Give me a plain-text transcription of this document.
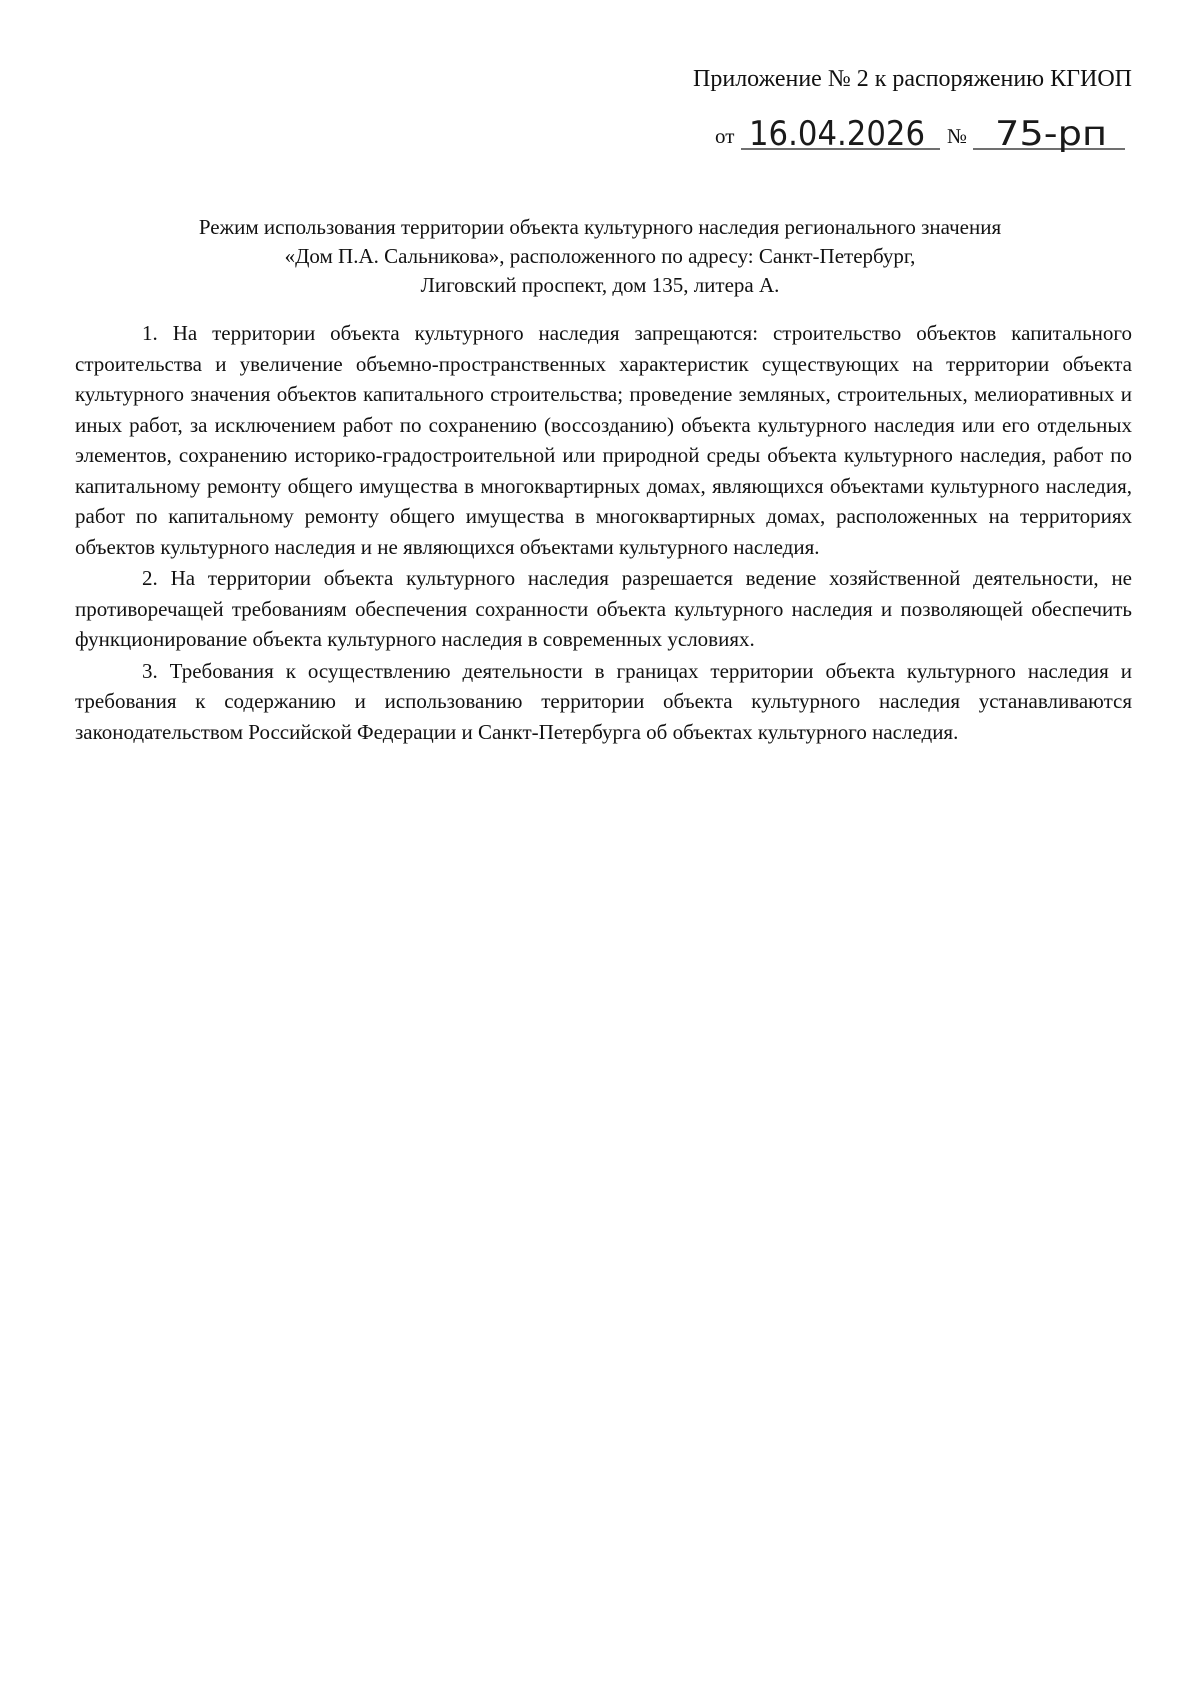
Приложение № 2 к распоряжению КГИОП
от	№
16.04.2026 75-рп
Режим использования территории объекта культурного наследия регионального значения
«Дом П.А. Сальникова», расположенного по адресу: Санкт-Петербург,
Лиговский проспект, дом 135, литера А.

1. На территории объекта культурного наследия запрещаются: строительство объектов капитального строительства и увеличение объемно-пространственных характеристик существующих на территории объекта культурного значения объектов капитального строительства; проведение земляных, строительных, мелиоративных и иных работ, за исключением работ по сохранению (воссозданию) объекта культурного наследия или его отдельных элементов, сохранению историко-градостроительной или природной среды объекта культурного наследия, работ по капитальному ремонту общего имущества в многоквартирных домах, являющихся объектами культурного наследия, работ по капитальному ремонту общего имущества в многоквартирных домах, расположенных на территориях объектов культурного наследия и не являющихся объектами культурного наследия.

2. На территории объекта культурного наследия разрешается ведение хозяйственной деятельности, не противоречащей требованиям обеспечения сохранности объекта культурного наследия и позволяющей обеспечить функционирование объекта культурного наследия в современных условиях.

3. Требования к осуществлению деятельности в границах территории объекта культурного наследия и требования к содержанию и использованию территории объекта культурного наследия устанавливаются законодательством Российской Федерации и Санкт-Петербурга об объектах культурного наследия.
